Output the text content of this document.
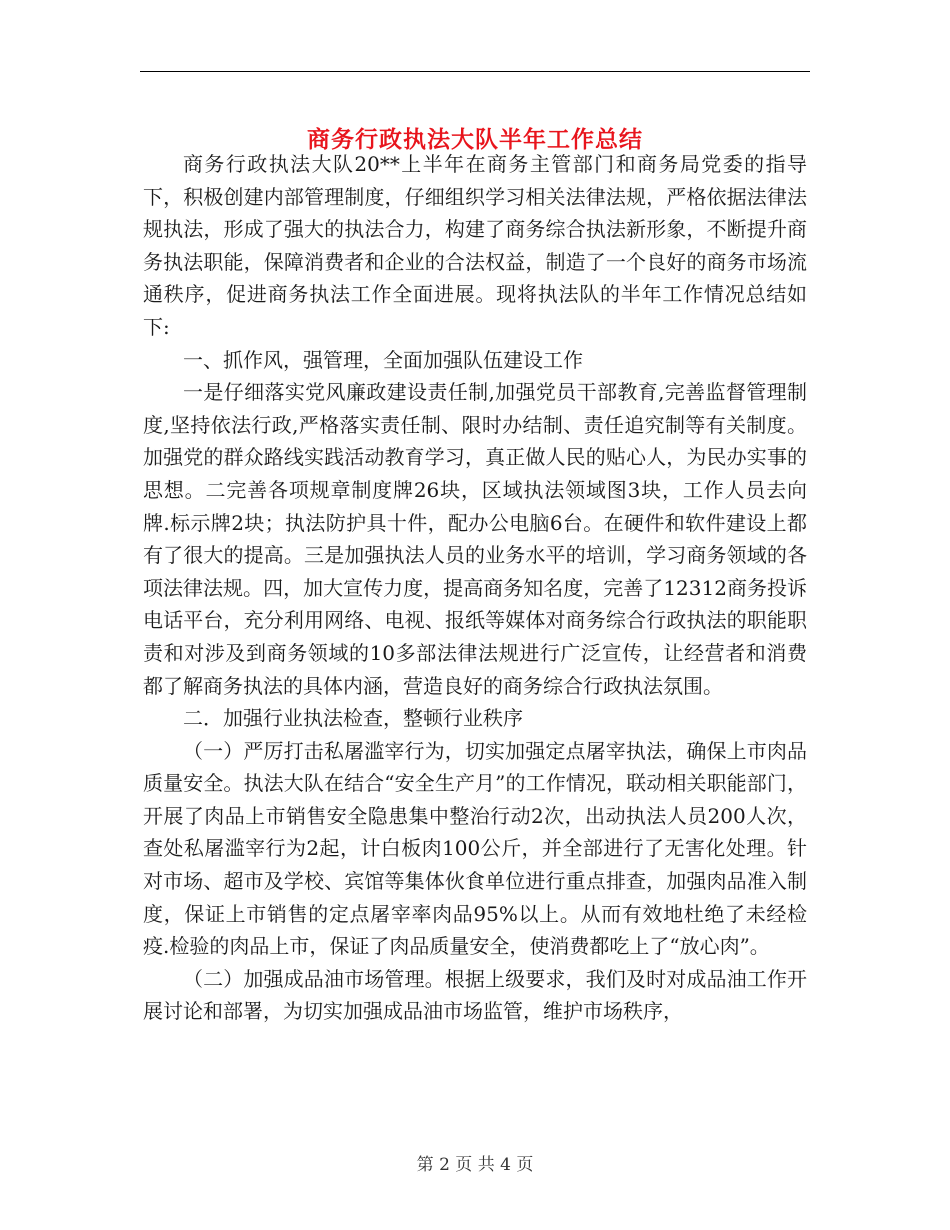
商务行政执法大队半年工作总结

商务行政执法大队20**上半年在商务主管部门和商务局党委的指导下，积极创建内部管理制度，仔细组织学习相关法律法规，严格依据法律法规执法，形成了强大的执法合力，构建了商务综合执法新形象，不断提升商务执法职能，保障消费者和企业的合法权益，制造了一个良好的商务市场流通秩序，促进商务执法工作全面进展。现将执法队的半年工作情况总结如下:

一、抓作风，强管理，全面加强队伍建设工作

一是仔细落实党风廉政建设责任制,加强党员干部教育,完善监督管理制度,坚持依法行政,严格落实责任制、限时办结制、责任追究制等有关制度。加强党的群众路线实践活动教育学习，真正做人民的贴心人，为民办实事的思想。二完善各项规章制度牌26块，区域执法领域图3块，工作人员去向牌.标示牌2块；执法防护具十件，配办公电脑6台。在硬件和软件建设上都有了很大的提高。三是加强执法人员的业务水平的培训，学习商务领域的各项法律法规。四，加大宣传力度，提高商务知名度，完善了12312商务投诉电话平台，充分利用网络、电视、报纸等媒体对商务综合行政执法的职能职责和对涉及到商务领域的10多部法律法规进行广泛宣传，让经营者和消费都了解商务执法的具体内涵，营造良好的商务综合行政执法氛围。

二．加强行业执法检查，整顿行业秩序

（一）严厉打击私屠滥宰行为，切实加强定点屠宰执法，确保上市肉品质量安全。执法大队在结合“安全生产月”的工作情况，联动相关职能部门，开展了肉品上市销售安全隐患集中整治行动2次，出动执法人员200人次，查处私屠滥宰行为2起，计白板肉100公斤，并全部进行了无害化处理。针对市场、超市及学校、宾馆等集体伙食单位进行重点排查，加强肉品准入制度，保证上市销售的定点屠宰率肉品95%以上。从而有效地杜绝了未经检疫.检验的肉品上市，保证了肉品质量安全，使消费都吃上了“放心肉”。

（二）加强成品油市场管理。根据上级要求，我们及时对成品油工作开展讨论和部署，为切实加强成品油市场监管，维护市场秩序，

第 2 页 共 4 页
